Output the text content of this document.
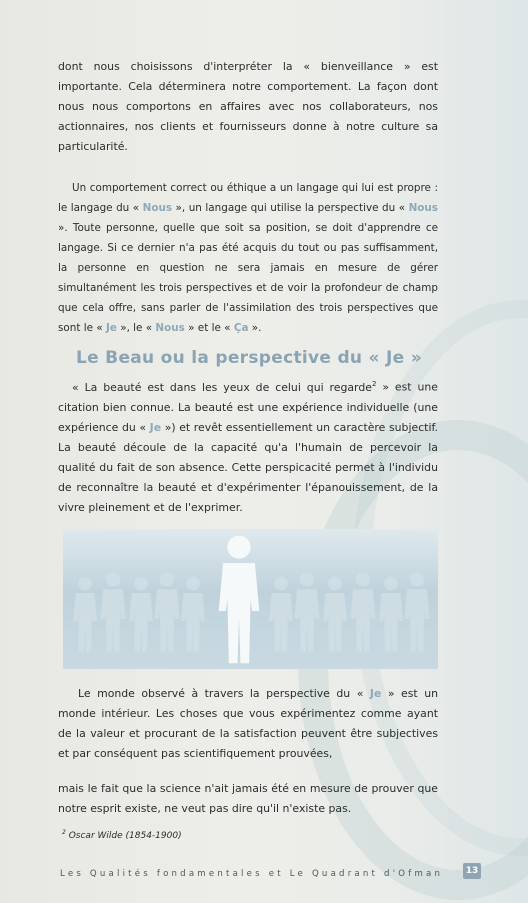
dont nous choisissons d'interpréter la « bienveillance » est importante. Cela déterminera notre comportement. La façon dont nous nous comportons en affaires avec nos collaborateurs, nos actionnaires, nos clients et fournisseurs donne à notre culture sa particularité.

Un comportement correct ou éthique a un langage qui lui est propre : le langage du « Nous », un langage qui utilise la perspective du « Nous ». Toute personne, quelle que soit sa position, se doit d'apprendre ce langage. Si ce dernier n'a pas été acquis du tout ou pas suffisamment, la personne en question ne sera jamais en mesure de gérer simultanément les trois perspectives et de voir la profondeur de champ que cela offre, sans parler de l'assimilation des trois perspectives que sont le « Je », le « Nous » et le « Ça ».

Le Beau ou la perspective du « Je »

« La beauté est dans les yeux de celui qui regarde$^2$ » est une citation bien connue. La beauté est une expérience individuelle (une expérience du « Je ») et revêt essentiellement un caractère subjectif. La beauté découle de la capacité qu'a l'humain de percevoir la qualité du fait de son absence. Cette perspicacité permet à l'individu de reconnaître la beauté et d'expérimenter l'épanouissement, de la vivre pleinement et de l'exprimer.

Le monde observé à travers la perspective du « Je » est un monde intérieur. Les choses que vous expérimentez comme ayant de la valeur et procurant de la satisfaction peuvent être subjectives et par conséquent pas scientifiquement prouvées,

mais le fait que la science n'ait jamais été en mesure de prouver que notre esprit existe, ne veut pas dire qu'il n'existe pas.

$^2$ Oscar Wilde (1854-1900)
Les Qualités fondamentales et Le Quadrant d'Ofman	13
